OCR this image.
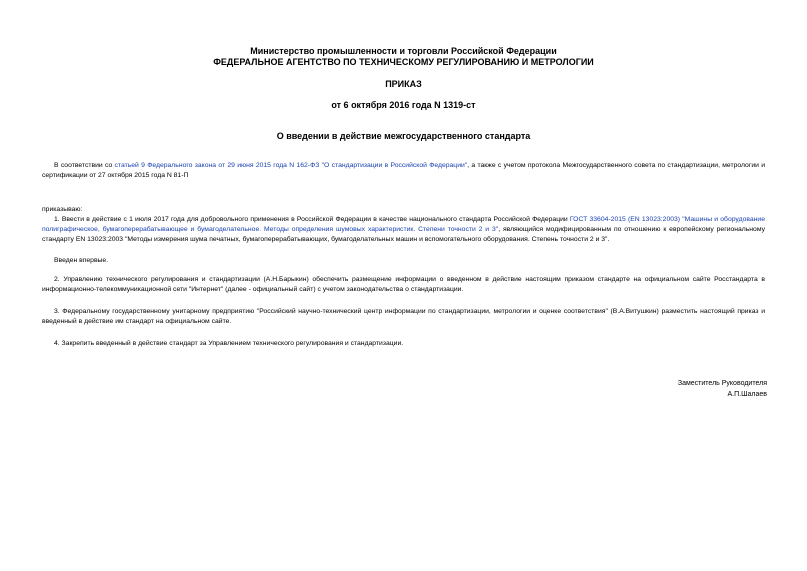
Министерство промышленности и торговли Российской Федерации
ФЕДЕРАЛЬНОЕ АГЕНТСТВО ПО ТЕХНИЧЕСКОМУ РЕГУЛИРОВАНИЮ И МЕТРОЛОГИИ
ПРИКАЗ
от 6 октября 2016 года N 1319-ст
О введении в действие межгосударственного стандарта
В соответствии со статьей 9 Федерального закона от 29 июня 2015 года N 162-ФЗ "О стандартизации в Российской Федерации", а также с учетом протокола Межгосударственного совета по стандартизации, метрологии и сертификации от 27 октября 2015 года N 81-П
приказываю:
1. Ввести в действие с 1 июля 2017 года для добровольного применения в Российской Федерации в качестве национального стандарта Российской Федерации ГОСТ 33604-2015 (EN 13023:2003) "Машины и оборудование полиграфическое, бумагоперерабатывающее и бумагоделательное. Методы определения шумовых характеристик. Степени точности 2 и 3", являющийся модифицированным по отношению к европейскому региональному стандарту EN 13023:2003 "Методы измерения шума печатных, бумагоперерабатывающих, бумагоделательных машин и вспомогательного оборудования. Степень точности 2 и 3".
Введен впервые.
2. Управлению технического регулирования и стандартизации (А.Н.Барыкин) обеспечить размещение информации о введенном в действие настоящим приказом стандарте на официальном сайте Росстандарта в информационно-телекоммуникационной сети "Интернет" (далее - официальный сайт) с учетом законодательства о стандартизации.
3. Федеральному государственному унитарному предприятию "Российский научно-технический центр информации по стандартизации, метрологии и оценке соответствия" (В.А.Витушкин) разместить настоящий приказ и введенный в действие им стандарт на официальном сайте.
4. Закрепить введенный в действие стандарт за Управлением технического регулирования и стандартизации.
Заместитель Руководителя
А.П.Шалаев
